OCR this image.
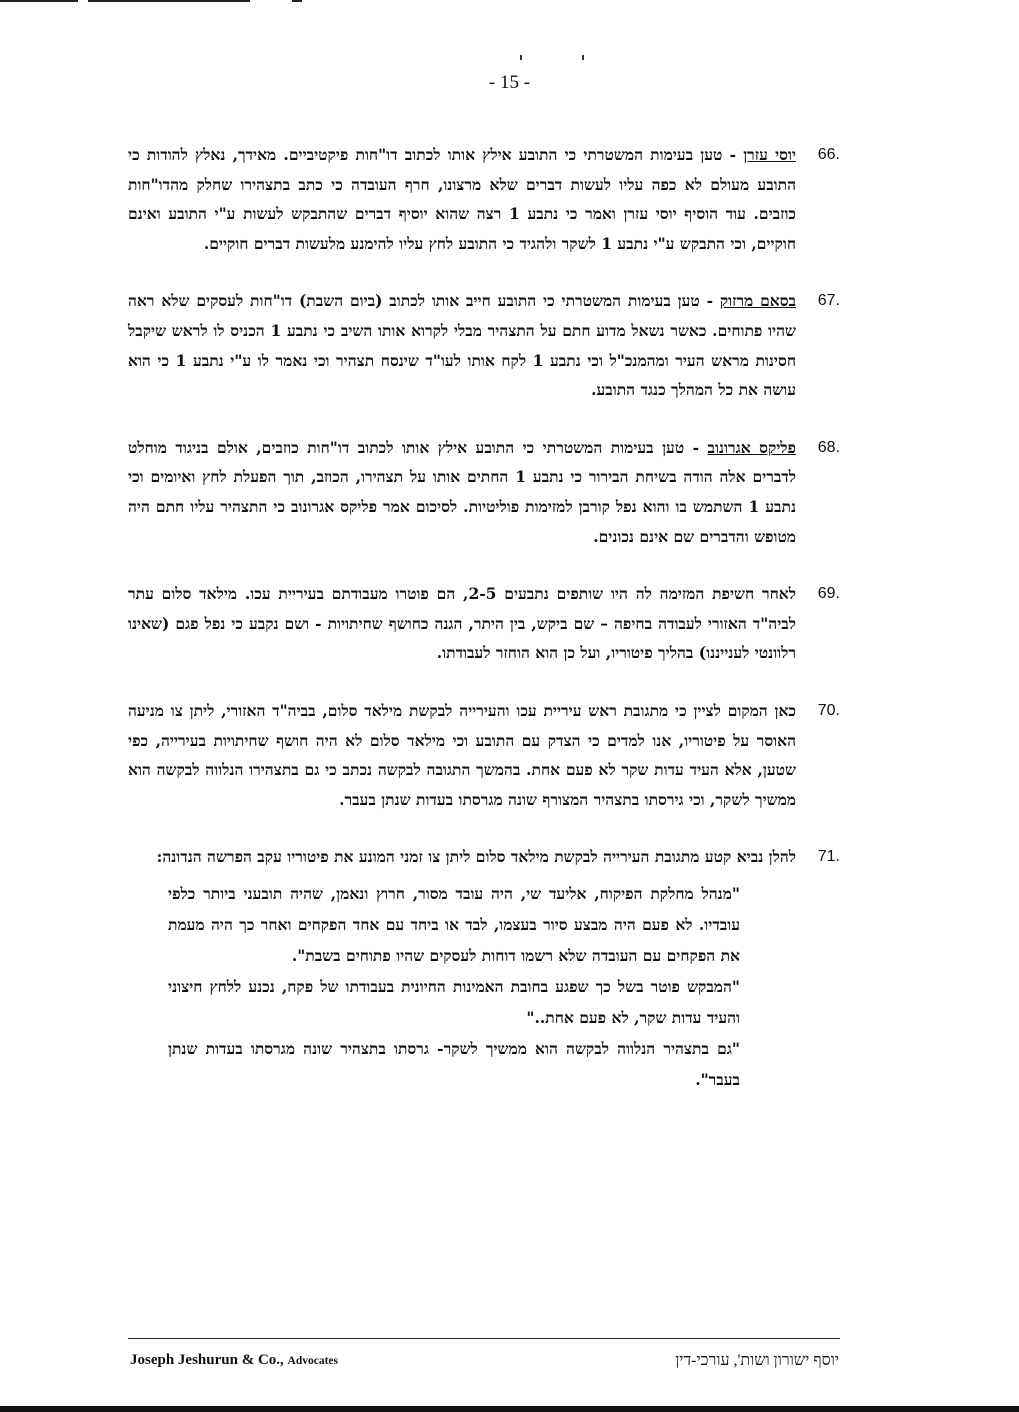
- 15 -
66.
יוסי עזרן - טען בעימות המשטרתי כי התובע אילץ אותו לכתוב דו"חות פיקטיביים. מאידך, נאלץ להודות כי התובע מעולם לא כפה עליו לעשות דברים שלא מרצונו, חרף העובדה כי כתב בתצהירו שחלק מהדו"חות כוזבים. עוד הוסיף יוסי עזרן ואמר כי נתבע 1 רצה שהוא יוסיף דברים שהתבקש לעשות ע"י התובע ואינם חוקיים, וכי התבקש ע"י נתבע 1 לשקר ולהגיד כי התובע לחץ עליו להימנע מלעשות דברים חוקיים.
67.
בסאם מרזוק - טען בעימות המשטרתי כי התובע חייב אותו לכתוב (ביום השבת) דו"חות לעסקים שלא ראה שהיו פתוחים. כאשר נשאל מדוע חתם על התצהיר מבלי לקרוא אותו השיב כי נתבע 1 הכניס לו לראש שיקבל חסינות מראש העיר ומהמנכ"ל וכי נתבע 1 לקח אותו לעו"ד שינסח תצהיר וכי נאמר לו ע"י נתבע 1 כי הוא עושה את כל המהלך כנגד התובע.
68.
פליקס אגרונוב - טען בעימות המשטרתי כי התובע אילץ אותו לכתוב דו"חות כוזבים, אולם בניגוד מוחלט לדברים אלה הודה בשיחת הבירור כי נתבע 1 החתים אותו על תצהירו, הכוזב, תוך הפעלת לחץ ואיומים וכי נתבע 1 השתמש בו והוא נפל קורבן למזימות פוליטיות. לסיכום אמר פליקס אגרונוב כי התצהיר עליו חתם היה מטופש והדברים שם אינם נכונים.
69.
לאחר חשיפת המזימה לה היו שותפים נתבעים 2-5, הם פוטרו מעבודתם בעיריית עכו. מילאד סלום עתר לביה"ד האזורי לעבודה בחיפה – שם ביקש, בין היתר, הגנה כחושף שחיתויות - ושם נקבע כי נפל פגם (שאינו רלוונטי לענייננו) בהליך פיטוריו, ועל כן הוא הוחזר לעבודתו.
70.
כאן המקום לציין כי מתגובת ראש עיריית עכו והעירייה לבקשת מילאד סלום, בביה"ד האזורי, ליתן צו מניעה האוסר על פיטוריו, אנו למדים כי הצדק עם התובע וכי מילאד סלום לא היה חושף שחיתויות בעירייה, כפי שטען, אלא העיד עדות שקר לא פעם אחת. בהמשך התגובה לבקשה נכתב כי גם בתצהירו הנלווה לבקשה הוא ממשיך לשקר, וכי גירסתו בתצהיר המצורף שונה מגרסתו בעדות שנתן בעבר.
71.
להלן נביא קטע מתגובת העירייה לבקשת מילאד סלום ליתן צו זמני המונע את פיטוריו עקב הפרשה הנדונה:

"מנהל מחלקת הפיקוח, אליעד שי, היה עובד מסור, חרוץ ונאמן, שהיה תובעני ביותר כלפי עובדיו. לא פעם היה מבצע סיור בעצמו, לבד או ביחד עם אחד הפקחים ואחר כך היה מעמת את הפקחים עם העובדה שלא רשמו דוחות לעסקים שהיו פתוחים בשבת".

"המבקש פוטר בשל כך שפגע בחובת האמינות החיונית בעבודתו של פקח, נכנע ללחץ חיצוני והעיד עדות שקר, לא פעם אחת.."

"גם בתצהיר הנלווה לבקשה הוא ממשיך לשקר- גרסתו בתצהיר שונה מגרסתו בעדות שנתן בעבר".

Joseph Jeshurun & Co., Advocates	יוסף ישורון ושות', עורכי-דין
